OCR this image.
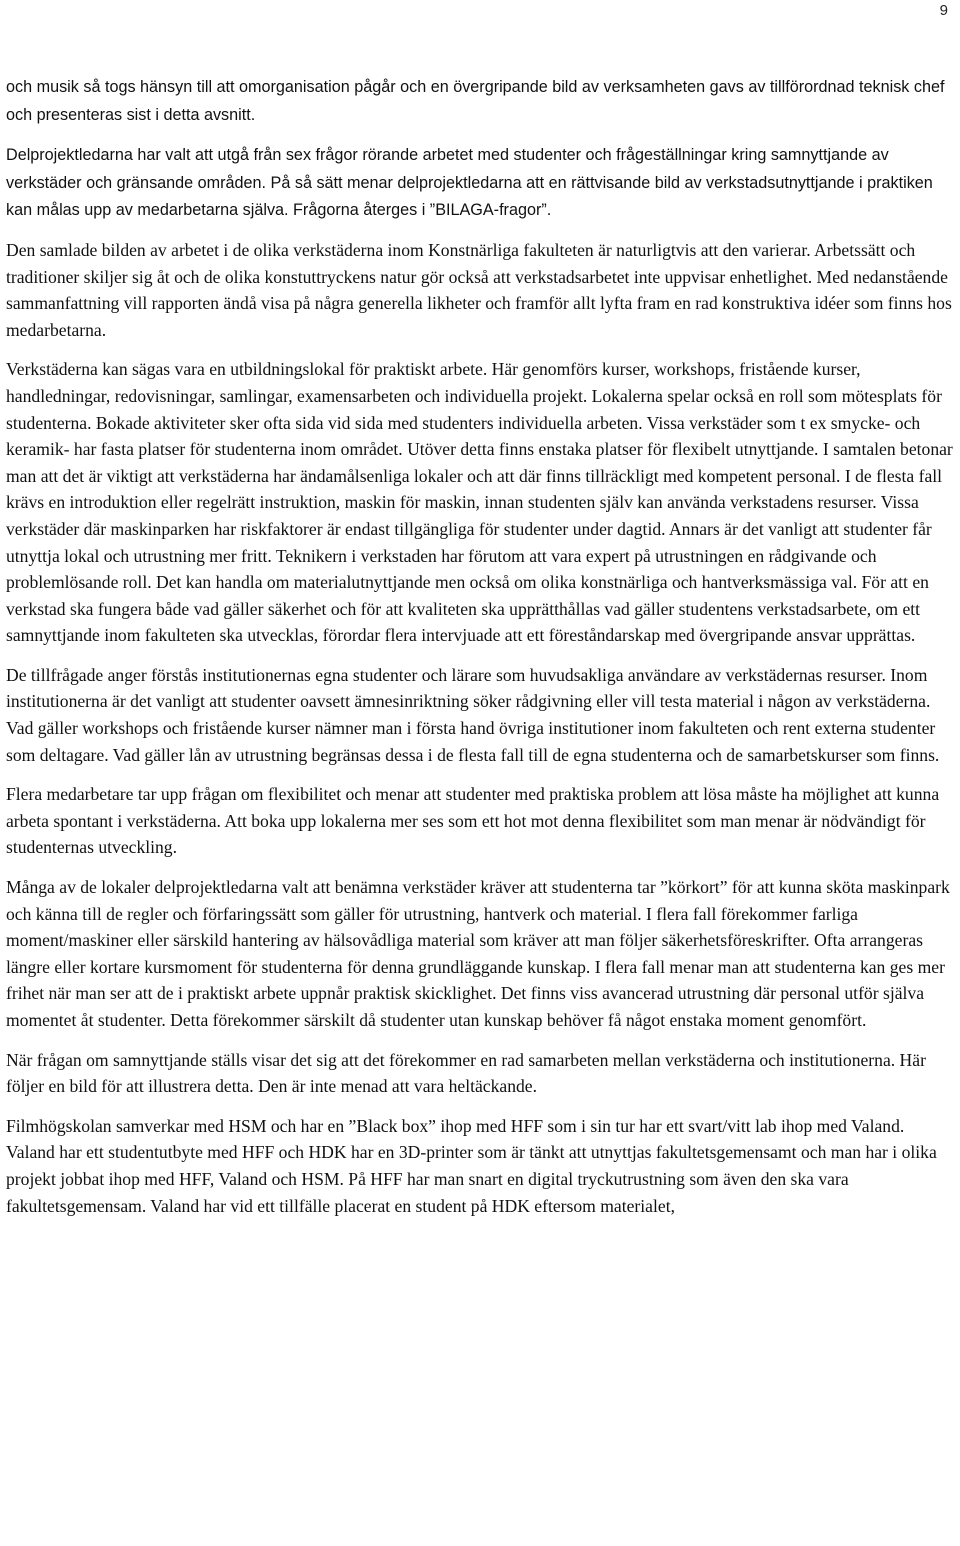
9

och musik så togs hänsyn till att omorganisation pågår och en övergripande bild av verksamheten gavs av tillförordnad teknisk chef och presenteras sist i detta avsnitt.

Delprojektledarna har valt att utgå från sex frågor rörande arbetet med studenter och frågeställningar kring samnyttjande av verkstäder och gränsande områden. På så sätt menar delprojektledarna att en rättvisande bild av verkstadsutnyttjande i praktiken kan målas upp av medarbetarna själva. Frågorna återges i ”BILAGA-fragor”.

Den samlade bilden av arbetet i de olika verkstäderna inom Konstnärliga fakulteten är naturligtvis att den varierar. Arbetssätt och traditioner skiljer sig åt och de olika konstuttryckens natur gör också att verkstadsarbetet inte uppvisar enhetlighet. Med nedanstående sammanfattning vill rapporten ändå visa på några generella likheter och framför allt lyfta fram en rad konstruktiva idéer som finns hos medarbetarna.

Verkstäderna kan sägas vara en utbildningslokal för praktiskt arbete. Här genomförs kurser, workshops, fristående kurser, handledningar, redovisningar, samlingar, examensarbeten och individuella projekt. Lokalerna spelar också en roll som mötesplats för studenterna. Bokade aktiviteter sker ofta sida vid sida med studenters individuella arbeten. Vissa verkstäder som t ex smycke- och keramik- har fasta platser för studenterna inom området. Utöver detta finns enstaka platser för flexibelt utnyttjande. I samtalen betonar man att det är viktigt att verkstäderna har ändamålsenliga lokaler och att där finns tillräckligt med kompetent personal. I de flesta fall krävs en introduktion eller regelrätt instruktion, maskin för maskin, innan studenten själv kan använda verkstadens resurser. Vissa verkstäder där maskinparken har riskfaktorer är endast tillgängliga för studenter under dagtid. Annars är det vanligt att studenter får utnyttja lokal och utrustning mer fritt. Teknikern i verkstaden har förutom att vara expert på utrustningen en rådgivande och problemlösande roll. Det kan handla om materialutnyttjande men också om olika konstnärliga och hantverksmässiga val. För att en verkstad ska fungera både vad gäller säkerhet och för att kvaliteten ska upprätthållas vad gäller studentens verkstadsarbete, om ett samnyttjande inom fakulteten ska utvecklas, förordar flera intervjuade att ett föreståndarskap med övergripande ansvar upprättas.

De tillfrågade anger förstås institutionernas egna studenter och lärare som huvudsakliga användare av verkstädernas resurser. Inom institutionerna är det vanligt att studenter oavsett ämnesinriktning söker rådgivning eller vill testa material i någon av verkstäderna. Vad gäller workshops och fristående kurser nämner man i första hand övriga institutioner inom fakulteten och rent externa studenter som deltagare. Vad gäller lån av utrustning begränsas dessa i de flesta fall till de egna studenterna och de samarbetskurser som finns.

Flera medarbetare tar upp frågan om flexibilitet och menar att studenter med praktiska problem att lösa måste ha möjlighet att kunna arbeta spontant i verkstäderna. Att boka upp lokalerna mer ses som ett hot mot denna flexibilitet som man menar är nödvändigt för studenternas utveckling.

Många av de lokaler delprojektledarna valt att benämna verkstäder kräver att studenterna tar ”körkort” för att kunna sköta maskinpark och känna till de regler och förfaringssätt som gäller för utrustning, hantverk och material. I flera fall förekommer farliga moment/maskiner eller särskild hantering av hälsovådliga material som kräver att man följer säkerhetsföreskrifter. Ofta arrangeras längre eller kortare kursmoment för studenterna för denna grundläggande kunskap. I flera fall menar man att studenterna kan ges mer frihet när man ser att de i praktiskt arbete uppnår praktisk skicklighet. Det finns viss avancerad utrustning där personal utför själva momentet åt studenter. Detta förekommer särskilt då studenter utan kunskap behöver få något enstaka moment genomfört.

När frågan om samnyttjande ställs visar det sig att det förekommer en rad samarbeten mellan verkstäderna och institutionerna. Här följer en bild för att illustrera detta. Den är inte menad att vara heltäckande.

Filmhögskolan samverkar med HSM och har en ”Black box” ihop med HFF som i sin tur har ett svart/vitt lab ihop med Valand. Valand har ett studentutbyte med HFF och HDK har en 3D-printer som är tänkt att utnyttjas fakultetsgemensamt och man har i olika projekt jobbat ihop med HFF, Valand och HSM. På HFF har man snart en digital tryckutrustning som även den ska vara fakultetsgemensam. Valand har vid ett tillfälle placerat en student på HDK eftersom materialet,
